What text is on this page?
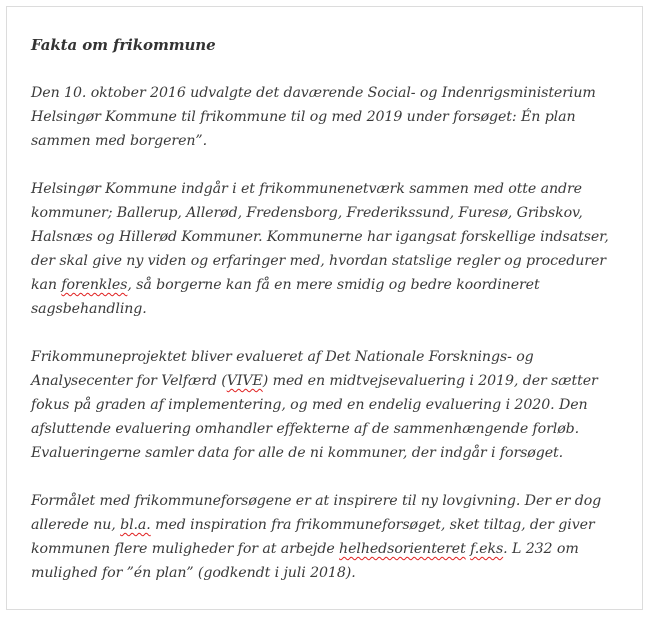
Fakta om frikommune
Den 10. oktober 2016 udvalgte det daværende Social- og Indenrigsministerium
Helsingør Kommune til frikommune til og med 2019 under forsøget: Én plan
sammen med borgeren”.
Helsingør Kommune indgår i et frikommunenetværk sammen med otte andre
kommuner; Ballerup, Allerød, Fredensborg, Frederikssund, Furesø, Gribskov,
Halsnæs og Hillerød Kommuner. Kommunerne har igangsat forskellige indsatser,
der skal give ny viden og erfaringer med, hvordan statslige regler og procedurer
kan forenkles, så borgerne kan få en mere smidig og bedre koordineret
sagsbehandling.
Frikommuneprojektet bliver evalueret af Det Nationale Forsknings- og
Analysecenter for Velfærd (VIVE) med en midtvejsevaluering i 2019, der sætter
fokus på graden af implementering, og med en endelig evaluering i 2020. Den
afsluttende evaluering omhandler effekterne af de sammenhængende forløb.
Evalueringerne samler data for alle de ni kommuner, der indgår i forsøget.
Formålet med frikommuneforsøgene er at inspirere til ny lovgivning. Der er dog
allerede nu, bl.a. med inspiration fra frikommuneforsøget, sket tiltag, der giver
kommunen flere muligheder for at arbejde helhedsorienteret f.eks. L 232 om
mulighed for ”én plan” (godkendt i juli 2018).
